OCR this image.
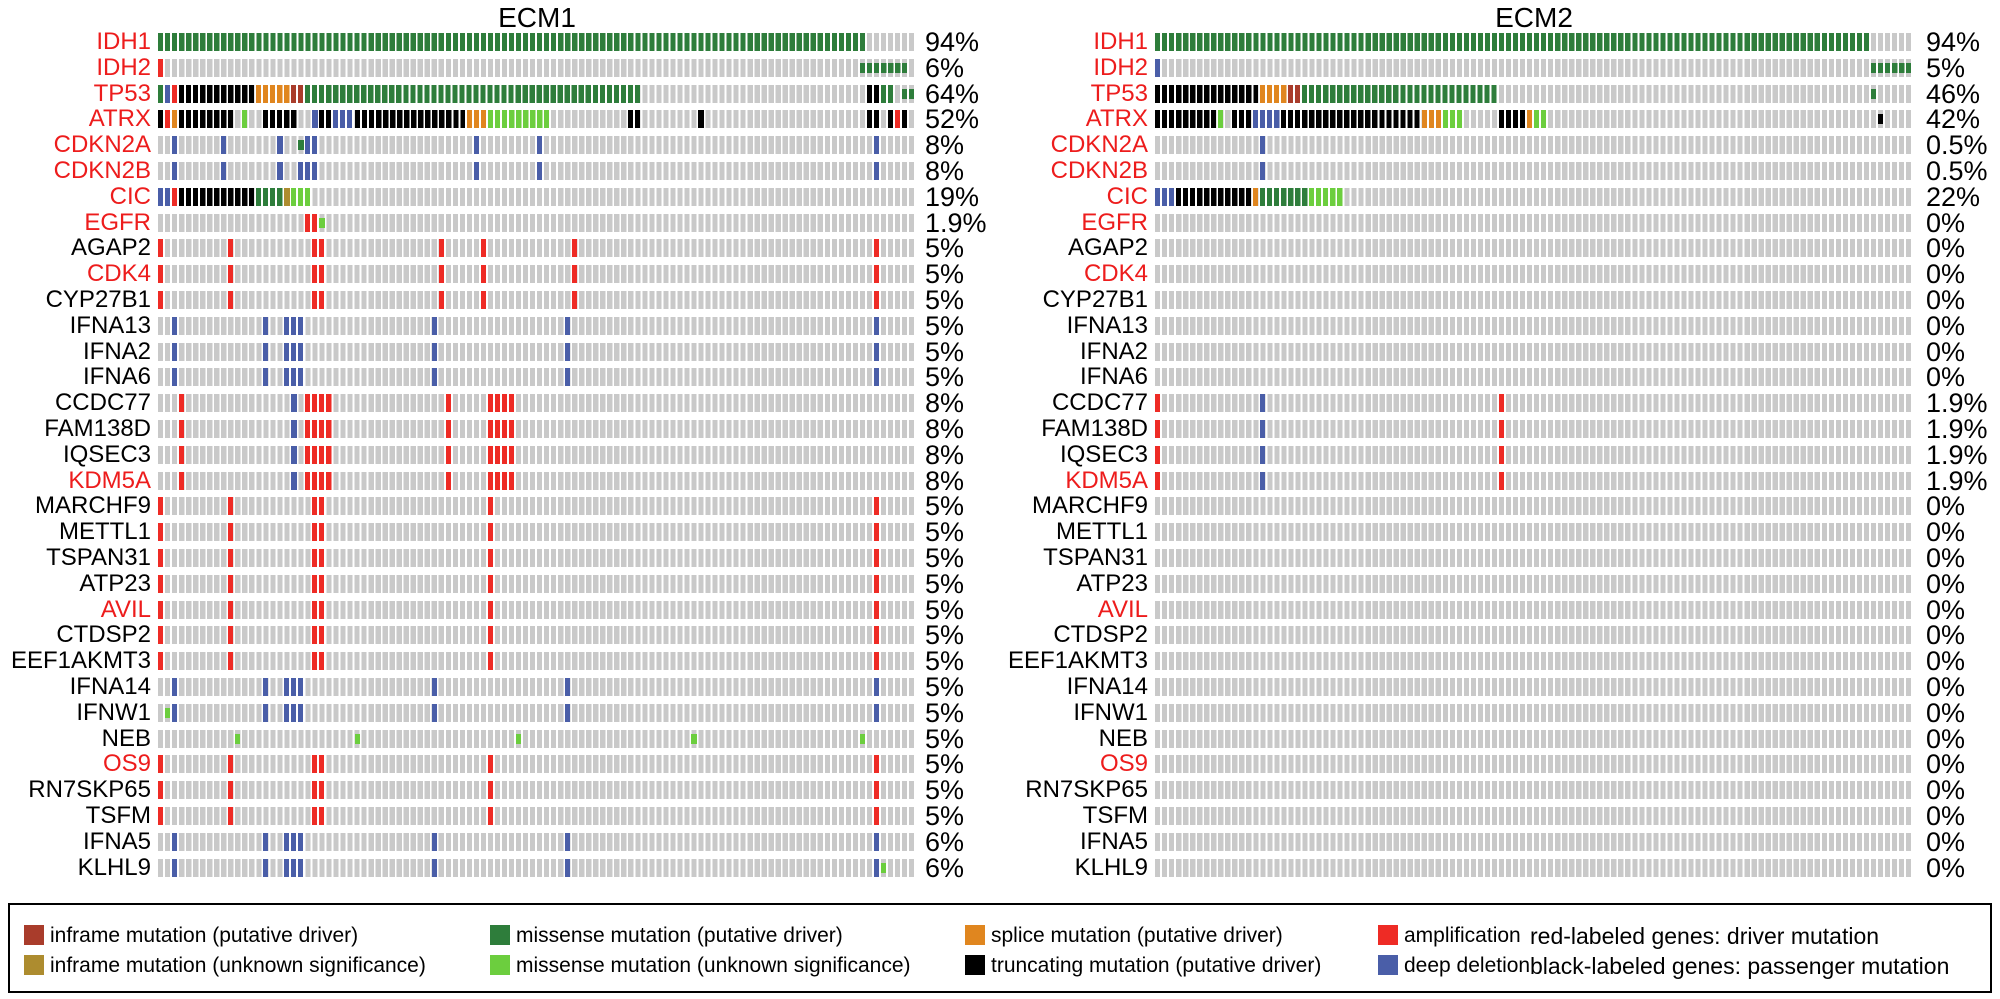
ECM1	ECM2
IDH1	94%
IDH2	6%
TP53	64%
ATRX	52%
CDKN2A	8%
CDKN2B	8%
CIC	19%
EGFR	1.9%
AGAP2	5%
CDK4	5%
CYP27B1	5%
IFNA13	5%
IFNA2	5%
IFNA6	5%
CCDC77	8%
FAM138D	8%
IQSEC3	8%
KDM5A	8%
MARCHF9	5%
METTL1	5%
TSPAN31	5%
ATP23	5%
AVIL	5%
CTDSP2	5%
EEF1AKMT3	5%
IFNA14	5%
IFNW1	5%
NEB	5%
OS9	5%
RN7SKP65	5%
TSFM	5%
IFNA5	6%
KLHL9	6%
IDH1	94%
IDH2	5%
TP53	46%
ATRX	42%
CDKN2A	0.5%
CDKN2B	0.5%
CIC	22%
EGFR	0%
AGAP2	0%
CDK4	0%
CYP27B1	0%
IFNA13	0%
IFNA2	0%
IFNA6	0%
CCDC77	1.9%
FAM138D	1.9%
IQSEC3	1.9%
KDM5A	1.9%
MARCHF9	0%
METTL1	0%
TSPAN31	0%
ATP23	0%
AVIL	0%
CTDSP2	0%
EEF1AKMT3	0%
IFNA14	0%
IFNW1	0%
NEB	0%
OS9	0%
RN7SKP65	0%
TSFM	0%
IFNA5	0%
KLHL9	0%
inframe mutation (putative driver)
inframe mutation (unknown significance)
missense mutation (putative driver)
missense mutation (unknown significance)
splice mutation (putative driver)
truncating mutation (putative driver)
amplification
deep deletion
red-labeled genes: driver mutation
black-labeled genes: passenger mutation
